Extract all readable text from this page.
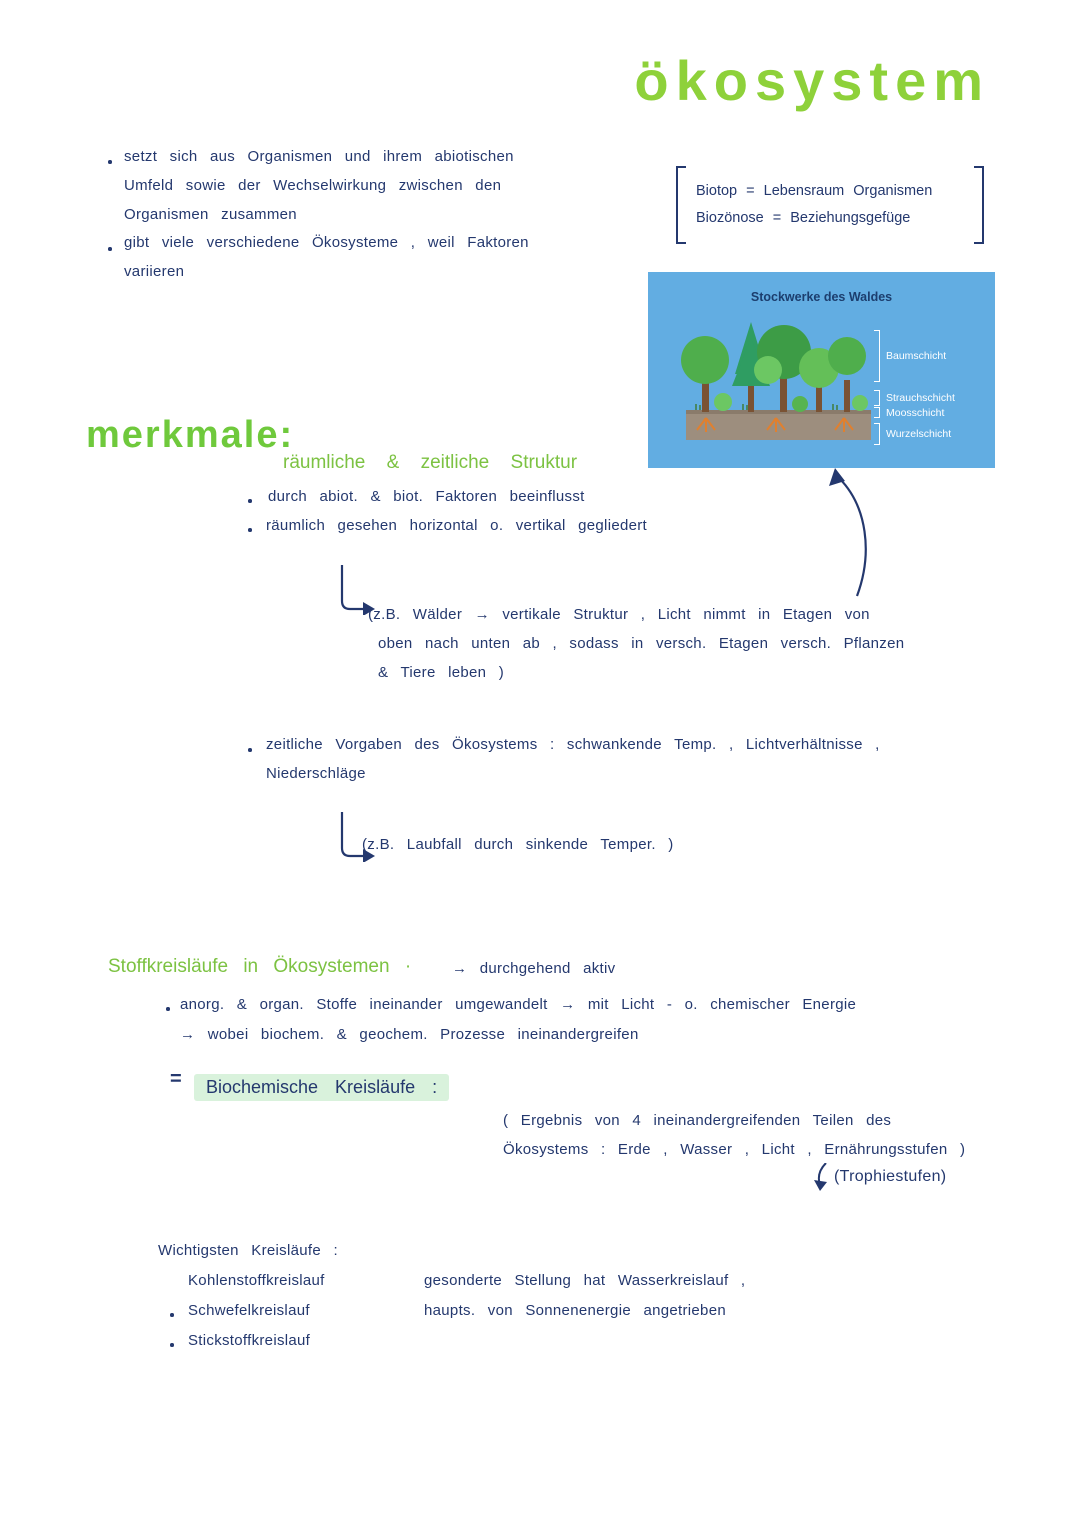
ökosystem
setzt sich aus Organismen und ihrem abiotischen
Umfeld sowie der Wechselwirkung zwischen den
Organismen zusammen
gibt viele verschiedene Ökosysteme , weil Faktoren
variieren
Biotop = Lebensraum Organismen
Biozönose = Beziehungsgefüge
Stockwerke des Waldes
Baumschicht
Strauchschicht
Moosschicht
Wurzelschicht
merkmale:
räumliche & zeitliche Struktur
durch abiot. & biot. Faktoren beeinflusst
räumlich gesehen horizontal o. vertikal gegliedert
(z.B. Wälder → vertikale Struktur , Licht nimmt in Etagen von
oben nach unten ab , sodass in versch. Etagen versch. Pflanzen
& Tiere leben )
zeitliche Vorgaben des Ökosystems : schwankende Temp. , Lichtverhältnisse ,
Niederschläge
(z.B. Laubfall durch sinkende Temper. )
Stoffkreisläufe in Ökosystemen ·	→ durchgehend aktiv
anorg. & organ. Stoffe ineinander umgewandelt → mit Licht - o. chemischer Energie
→ wobei biochem. & geochem. Prozesse ineinandergreifen
=	Biochemische Kreisläufe :
( Ergebnis von 4 ineinandergreifenden Teilen des
Ökosystems : Erde , Wasser , Licht , Ernährungsstufen )
(Trophiestufen)
Wichtigsten Kreisläufe :
Kohlenstoffkreislauf
Schwefelkreislauf
Stickstoffkreislauf
gesonderte Stellung hat Wasserkreislauf ,
haupts. von Sonnenenergie angetrieben
